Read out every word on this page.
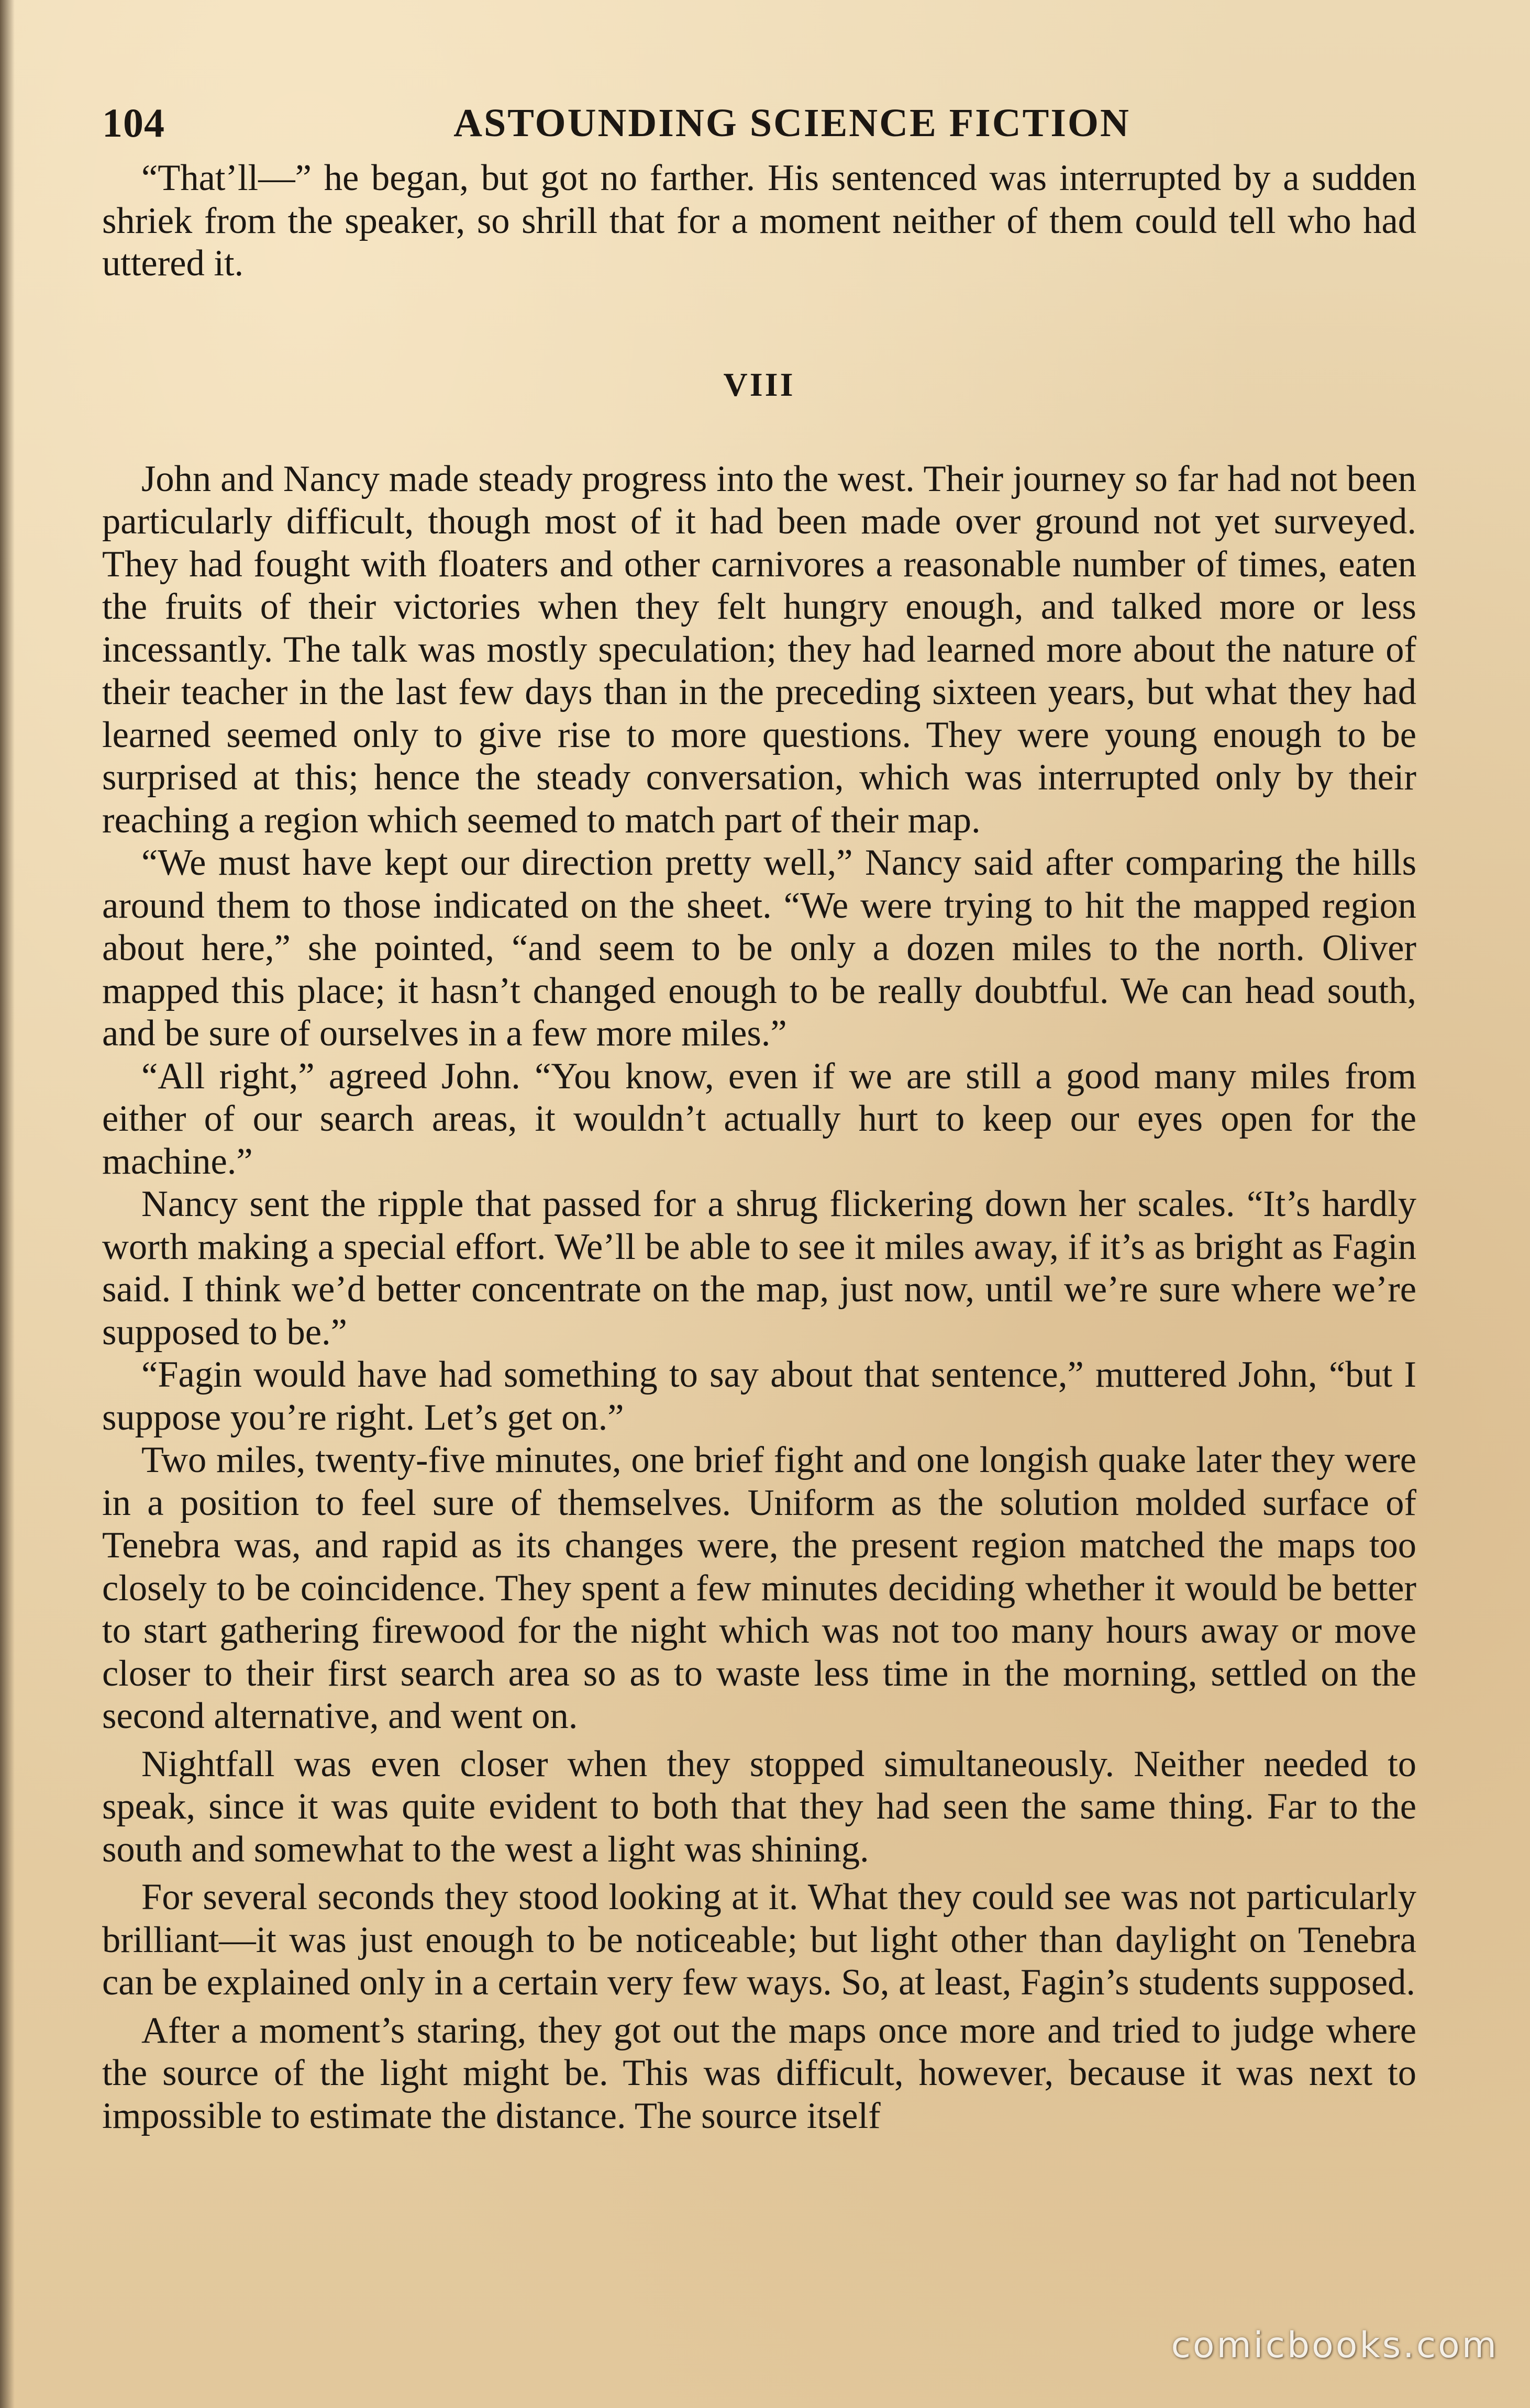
104	ASTOUNDING SCIENCE FICTION

“That’ll—” he began, but got no farther. His sentenced was interrupted by a sudden shriek from the speaker, so shrill that for a moment neither of them could tell who had uttered it.

VIII

John and Nancy made steady progress into the west. Their journey so far had not been particularly difficult, though most of it had been made over ground not yet surveyed. They had fought with floaters and other carnivores a reasonable number of times, eaten the fruits of their victories when they felt hungry enough, and talked more or less incessantly. The talk was mostly speculation; they had learned more about the nature of their teacher in the last few days than in the preceding sixteen years, but what they had learned seemed only to give rise to more questions. They were young enough to be surprised at this; hence the steady conversation, which was interrupted only by their reaching a region which seemed to match part of their map.

“We must have kept our direction pretty well,” Nancy said after comparing the hills around them to those indicated on the sheet. “We were trying to hit the mapped region about here,” she pointed, “and seem to be only a dozen miles to the north. Oliver mapped this place; it hasn’t changed enough to be really doubtful. We can head south, and be sure of ourselves in a few more miles.”

“All right,” agreed John. “You know, even if we are still a good many miles from either of our search areas, it wouldn’t actually hurt to keep our eyes open for the machine.”

Nancy sent the ripple that passed for a shrug flickering down her scales. “It’s hardly worth making a special effort. We’ll be able to see it miles away, if it’s as bright as Fagin said. I think we’d better concentrate on the map, just now, until we’re sure where we’re supposed to be.”

“Fagin would have had something to say about that sentence,” muttered John, “but I suppose you’re right. Let’s get on.”

Two miles, twenty-five minutes, one brief fight and one longish quake later they were in a position to feel sure of themselves. Uniform as the solution molded surface of Tenebra was, and rapid as its changes were, the present region matched the maps too closely to be coincidence. They spent a few minutes deciding whether it would be better to start gathering firewood for the night which was not too many hours away or move closer to their first search area so as to waste less time in the morning, settled on the second alternative, and went on.

Nightfall was even closer when they stopped simultaneously. Neither needed to speak, since it was quite evident to both that they had seen the same thing. Far to the south and somewhat to the west a light was shining.

For several seconds they stood looking at it. What they could see was not particularly brilliant—it was just enough to be noticeable; but light other than daylight on Tenebra can be explained only in a certain very few ways. So, at least, Fagin’s students supposed.

After a moment’s staring, they got out the maps once more and tried to judge where the source of the light might be. This was difficult, however, because it was next to impossible to estimate the distance. The source itself

comicbooks.com
